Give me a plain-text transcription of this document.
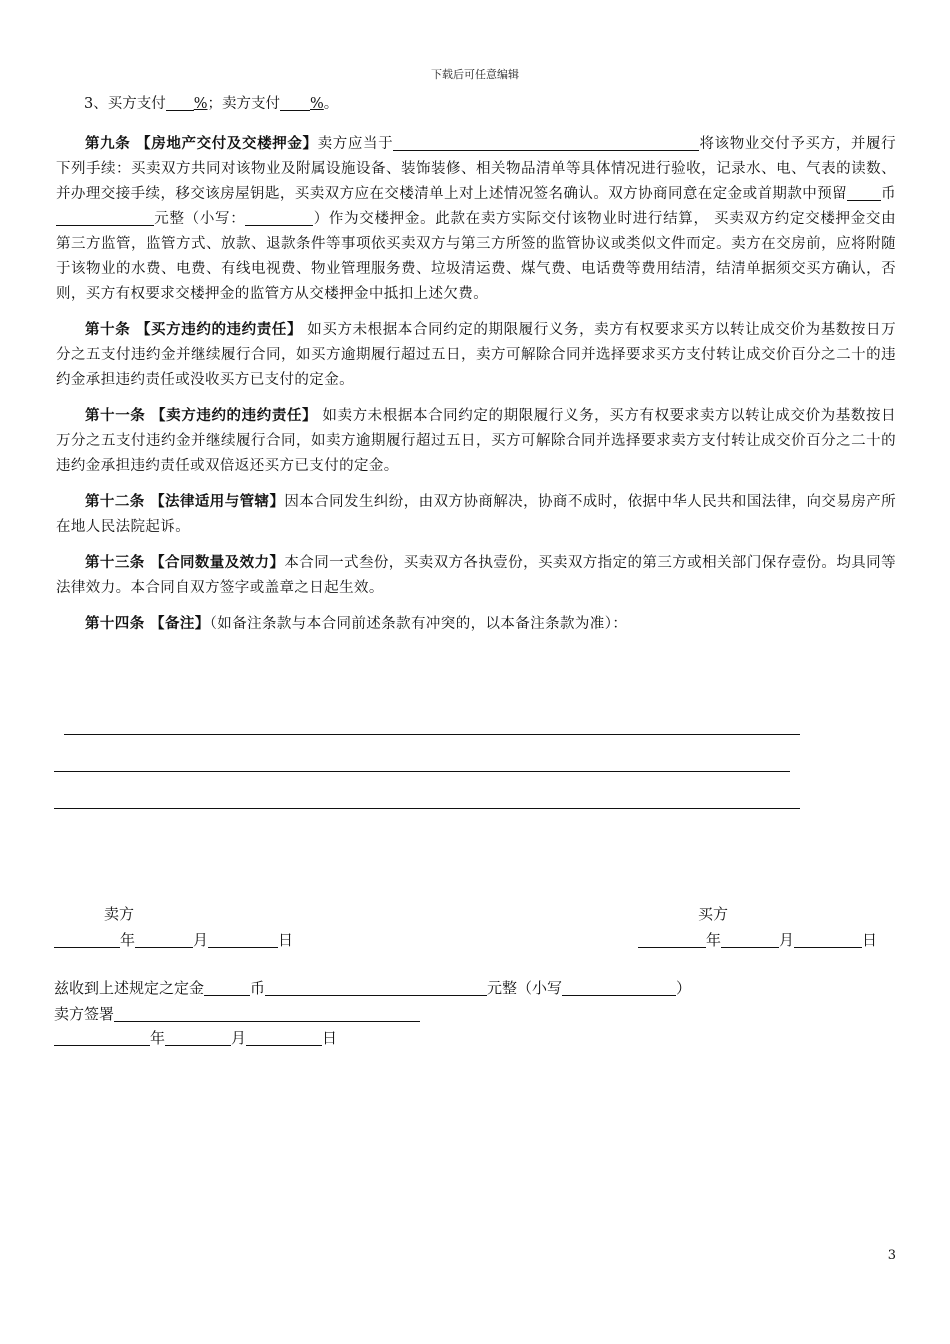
下载后可任意编辑

3、买方支付 %；卖方支付 %。

第九条 【房地产交付及交楼押金】卖方应当于	将该物业交付予买方，并履行下列手续：买卖双方共同对该物业及附属设施设备、装饰装修、相关物品清单等具体情况进行验收，记录水、电、气表的读数、并办理交接手续，移交该房屋钥匙，买卖双方应在交楼清单上对上述情况签名确认。双方协商同意在定金或首期款中预留 币元整（小写：	）作为交楼押金。此款在卖方实际交付该物业时进行结算， 买卖双方约定交楼押金交由第三方监管，监管方式、放款、退款条件等事项依买卖双方与第三方所签的监管协议或类似文件而定。卖方在交房前，应将附随于该物业的水费、电费、有线电视费、物业管理服务费、垃圾清运费、煤气费、电话费等费用结清，结清单据须交买方确认，否则，买方有权要求交楼押金的监管方从交楼押金中抵扣上述欠费。

第十条 【买方违约的违约责任】 如买方未根据本合同约定的期限履行义务，卖方有权要求买方以转让成交价为基数按日万分之五支付违约金并继续履行合同，如买方逾期履行超过五日，卖方可解除合同并选择要求买方支付转让成交价百分之二十的违约金承担违约责任或没收买方已支付的定金。

第十一条 【卖方违约的违约责任】 如卖方未根据本合同约定的期限履行义务，买方有权要求卖方以转让成交价为基数按日万分之五支付违约金并继续履行合同，如卖方逾期履行超过五日，买方可解除合同并选择要求卖方支付转让成交价百分之二十的违约金承担违约责任或双倍返还买方已支付的定金。

第十二条 【法律适用与管辖】因本合同发生纠纷，由双方协商解决，协商不成时，依据中华人民共和国法律，向交易房产所在地人民法院起诉。

第十三条 【合同数量及效力】本合同一式叁份，买卖双方各执壹份，买卖双方指定的第三方或相关部门保存壹份。均具同等法律效力。本合同自双方签字或盖章之日起生效。

第十四条 【备注】（如备注条款与本合同前述条款有冲突的，以本备注条款为准）：

卖方
年	月	日
买方
年	月	日
兹收到上述规定之定金	币	元整（小写	）
卖方签署
年	月	日
3
